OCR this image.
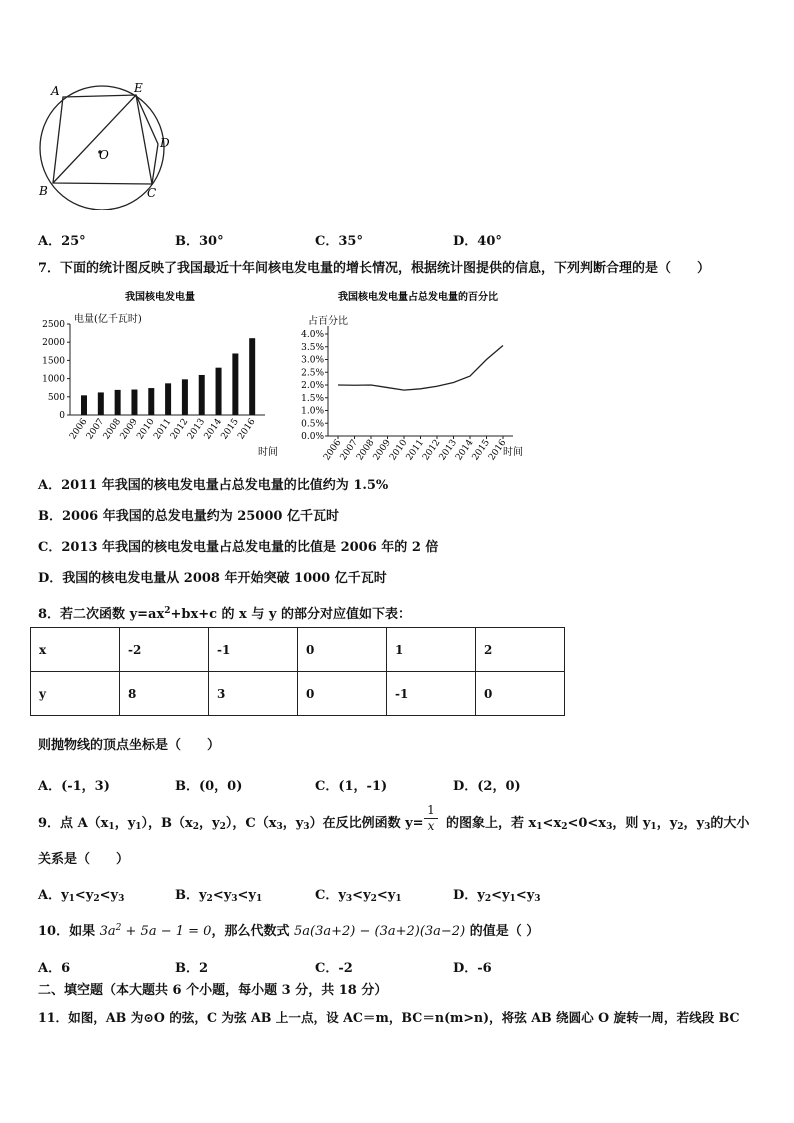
A	E
D
O
B	C
A．25°	B．30°	C．35°	D．40°
7．下面的统计图反映了我国最近十年间核电发电量的增长情况，根据统计图提供的信息，下列判断合理的是（　　）
我国核电发电量
电量(亿千瓦时)
时间
0
500
1000
1500
2000
2500
2006
2007
2008
2009
2010
2011
2012
2013
2014
2015
2016
我国核电发电量占总发电量的百分比
占百分比
时间
0.0%
0.5%
1.0%
1.5%
2.0%
2.5%
3.0%
3.5%
4.0%
2006
2007
2008
2009
2010
2011
2012
2013
2014
2015
2016
A．2011 年我国的核电发电量占总发电量的比值约为 1.5%
B．2006 年我国的总发电量约为 25000 亿千瓦时
C．2013 年我国的核电发电量占总发电量的比值是 2006 年的 2 倍
D．我国的核电发电量从 2008 年开始突破 1000 亿千瓦时
8．若二次函数 $y=ax^2+bx+c$ 的 x 与 y 的部分对应值如下表：
x	-2	-1	0	1	2
y	8	3	0	-1	0
则抛物线的顶点坐标是（　　）
A．(-1，3)	B．(0，0)	C．(1，-1)	D．(2，0)
9．点 $A(x_1$，$y_1$），$B(x_2$，$y_2$），$C(x_3$，$y_3$）在反比例函数 $y= \frac{1}{x}$ 的图象上，若 $x_1<x_2<0<x_3$，则 $y_1$，$y_2$，$y_3$的大小
关系是（　　）
A．$y_1<y_2<y_3$	B．$y_2<y_3<y_1$	C．$y_3<y_2<y_1$	D．$y_2<y_1<y_3$
10．如果 $3a^2 + 5a - 1 = 0$，那么代数式 5a(3a+2) − (3a+2)(3a−2) 的值是（ ）
A．6	B．2	C．-2	D．-6
二、填空题（本大题共 6 个小题，每小题 3 分，共 18 分）
11．如图，AB 为⊙O 的弦，C 为弦 AB 上一点，设 AC＝m，BC＝n(m>n)，将弦 AB 绕圆心 O 旋转一周，若线段 BC
